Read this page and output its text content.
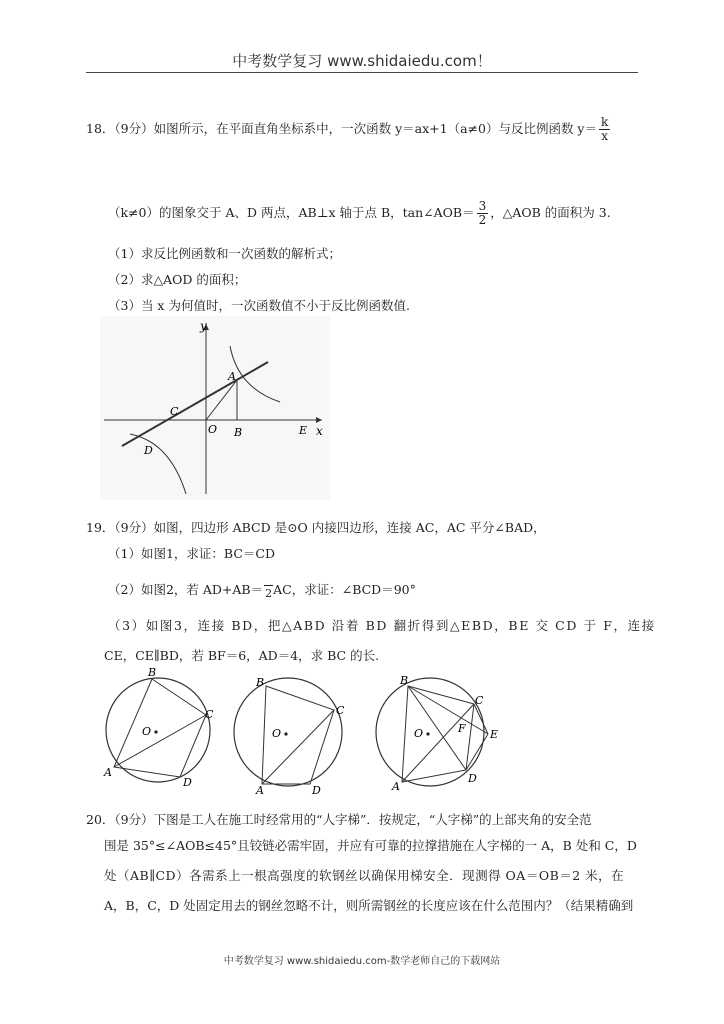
中考数学复习 www.shidaiedu.com！
18．（9分）如图所示，在平面直角坐标系中，一次函数 y＝ax+1（a≠0）与反比例函数 $y= \frac{k}{x}$
（k≠0）的图象交于 A、D 两点，AB⊥x 轴于点 B，tan∠AOB＝ $\frac{3}{2}$ ，△AOB 的面积为 3.
（1）求反比例函数和一次函数的解析式；
（2）求△AOD 的面积；
（3）当 x 为何值时，一次函数值不小于反比例函数值.
y
x
A
B
C
D
E
O
19．（9分）如图，四边形 ABCD 是⊙O 内接四边形，连接 AC，AC 平分∠BAD，
（1）如图1，求证：BC＝CD
（2）如图2，若 AD+AB＝ 2AC，求证：∠BCD＝90°
（3）如图3，连接 BD，把△ABD 沿着 BD 翻折得到△EBD，BE 交 CD 于 F，连接
CE，CE∥BD，若 BF＝6，AD＝4，求 BC 的长.
O
B
C
D
A
O
B
C
D
A
O
B
C
D
A
E
F
20．（9分）下图是工人在施工时经常用的“人字梯”．按规定，“人字梯”的上部夹角的安全范
围是 35°≤∠AOB≤45°且铰链必需牢固，并应有可靠的拉撑措施在人字梯的一 A，B 处和 C，D
处（AB∥CD）各需系上一根高强度的软钢丝以确保用梯安全．现测得 OA＝OB＝2 米，在
A，B，C，D 处固定用去的钢丝忽略不计，则所需钢丝的长度应该在什么范围内？（结果精确到
中考数学复习 www.shidaiedu.com-数学老师自己的下载网站
